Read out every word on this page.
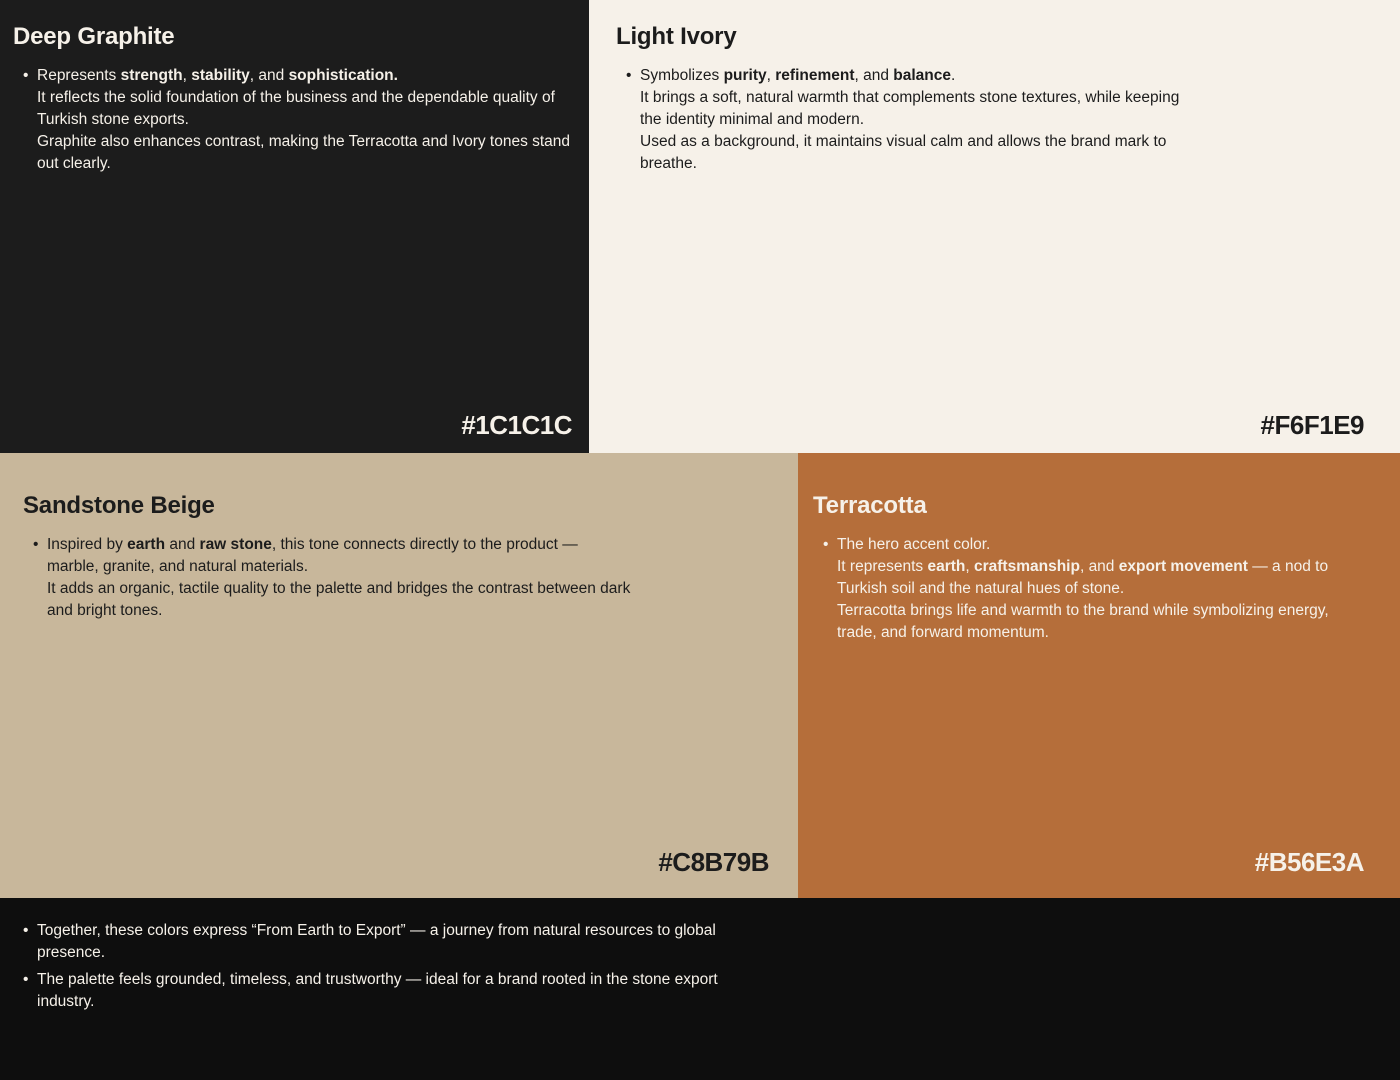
Deep Graphite
• Represents strength, stability, and sophistication.
It reflects the solid foundation of the business and the dependable quality of Turkish stone exports.
Graphite also enhances contrast, making the Terracotta and Ivory tones stand out clearly.
#1C1C1C
Light Ivory
• Symbolizes purity, refinement, and balance.
It brings a soft, natural warmth that complements stone textures, while keeping the identity minimal and modern.
Used as a background, it maintains visual calm and allows the brand mark to breathe.
#F6F1E9
Sandstone Beige
• Inspired by earth and raw stone, this tone connects directly to the product — marble, granite, and natural materials.
It adds an organic, tactile quality to the palette and bridges the contrast between dark and bright tones.
#C8B79B
Terracotta
• The hero accent color.
It represents earth, craftsmanship, and export movement — a nod to Turkish soil and the natural hues of stone.
Terracotta brings life and warmth to the brand while symbolizing energy, trade, and forward momentum.
#B56E3A
• Together, these colors express “From Earth to Export” — a journey from natural resources to global presence.
• The palette feels grounded, timeless, and trustworthy — ideal for a brand rooted in the stone export industry.
